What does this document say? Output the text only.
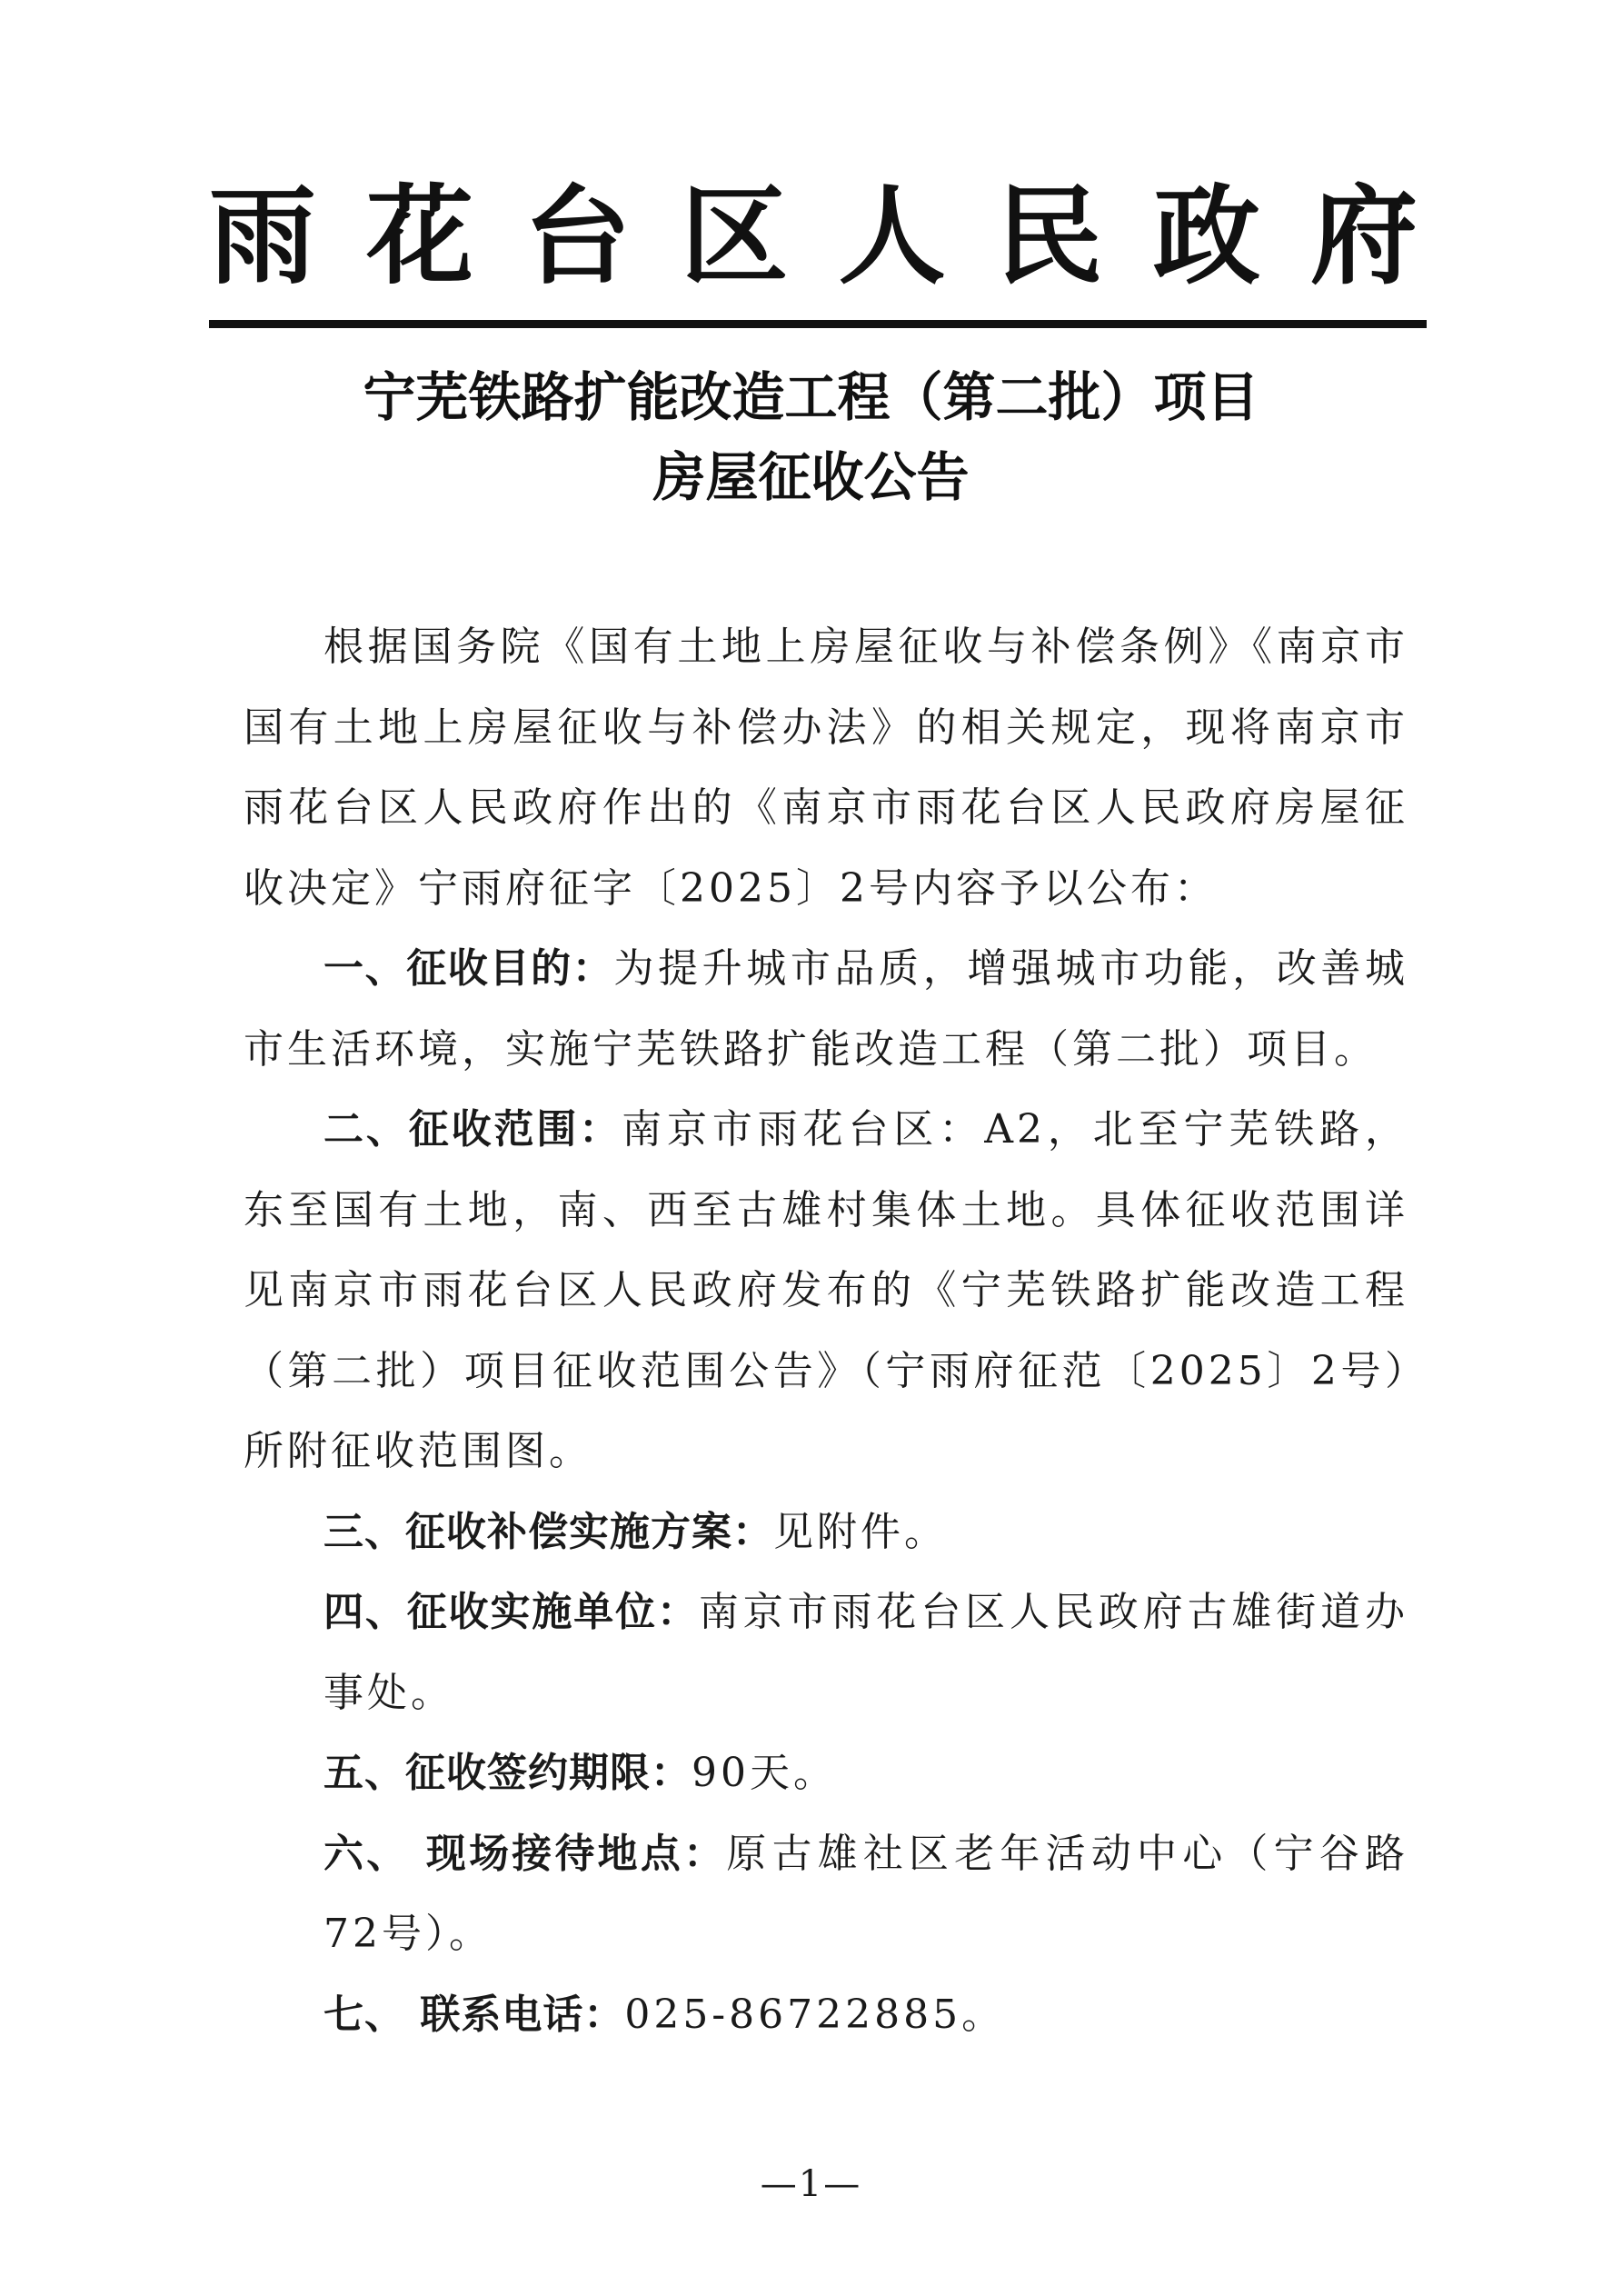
雨 花 台 区 人 民 政 府
宁芜铁路扩能改造工程（第二批）项目
房屋征收公告

根据国务院《国有土地上房屋征收与补偿条例》《南京市国有土地上房屋征收与补偿办法》的相关规定，现将南京市雨花台区人民政府作出的《南京市雨花台区人民政府房屋征收决定》宁雨府征字〔2025〕2号内容予以公布：

一、征收目的：为提升城市品质，增强城市功能，改善城市生活环境，实施宁芜铁路扩能改造工程（第二批）项目。

二、征收范围：南京市雨花台区：A2，北至宁芜铁路，东至国有土地，南、西至古雄村集体土地。具体征收范围详见南京市雨花台区人民政府发布的《宁芜铁路扩能改造工程（第二批）项目征收范围公告》（宁雨府征范〔2025〕2号）所附征收范围图。

三、征收补偿实施方案：见附件。

四、征收实施单位：南京市雨花台区人民政府古雄街道办事处。

五、征收签约期限：90天。

六、 现场接待地点：原古雄社区老年活动中心（宁谷路72号）。

七、 联系电话：025-86722885。

—1—
